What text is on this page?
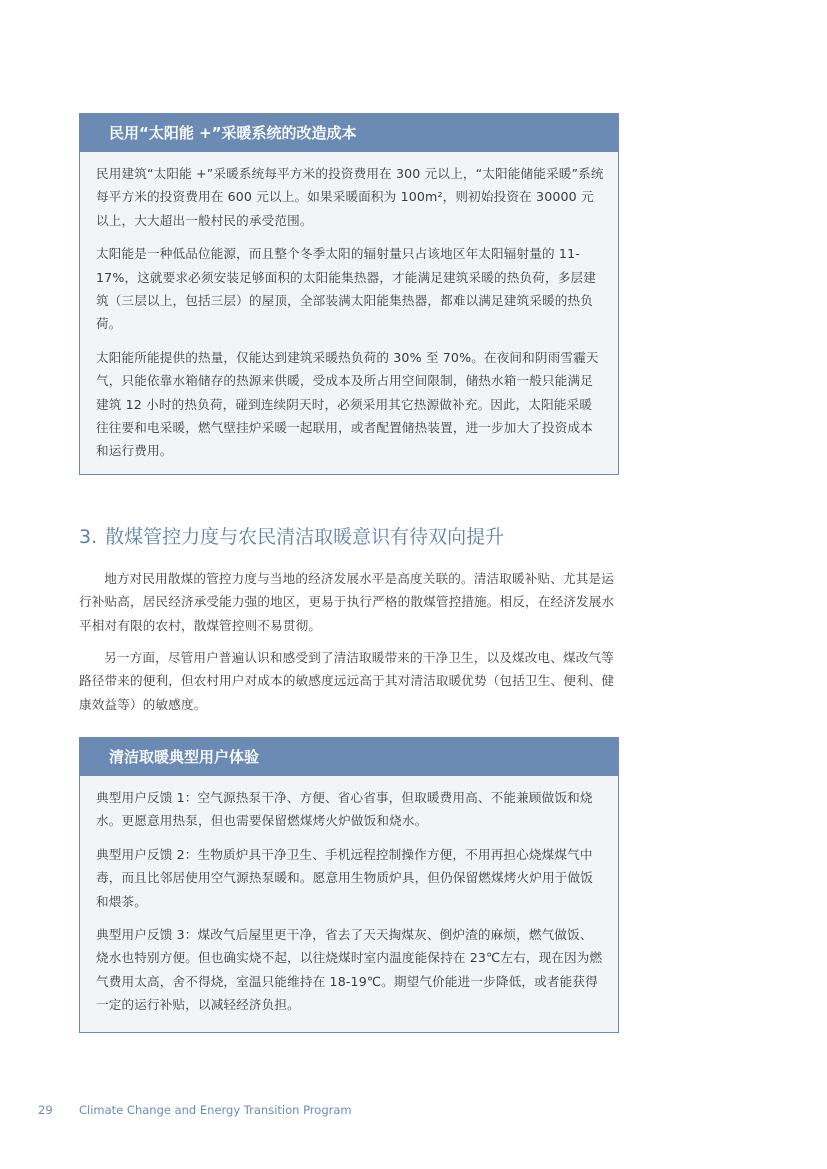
民用“太阳能 +”采暖系统的改造成本

民用建筑“太阳能 +”采暖系统每平方米的投资费用在 300 元以上，“太阳能储能采暖”系统每平方米的投资费用在 600 元以上。如果采暖面积为 100m²，则初始投资在 30000 元以上，大大超出一般村民的承受范围。

太阳能是一种低品位能源，而且整个冬季太阳的辐射量只占该地区年太阳辐射量的 11-17%，这就要求必须安装足够面积的太阳能集热器，才能满足建筑采暖的热负荷，多层建筑（三层以上，包括三层）的屋顶，全部装满太阳能集热器，都难以满足建筑采暖的热负荷。

太阳能所能提供的热量，仅能达到建筑采暖热负荷的 30% 至 70%。在夜间和阴雨雪霾天气，只能依靠水箱储存的热源来供暖，受成本及所占用空间限制，储热水箱一般只能满足建筑 12 小时的热负荷，碰到连续阴天时，必须采用其它热源做补充。因此，太阳能采暖往往要和电采暖，燃气壁挂炉采暖一起联用，或者配置储热装置，进一步加大了投资成本和运行费用。

3. 散煤管控力度与农民清洁取暖意识有待双向提升

地方对民用散煤的管控力度与当地的经济发展水平是高度关联的。清洁取暖补贴、尤其是运行补贴高，居民经济承受能力强的地区，更易于执行严格的散煤管控措施。相反，在经济发展水平相对有限的农村，散煤管控则不易贯彻。

另一方面，尽管用户普遍认识和感受到了清洁取暖带来的干净卫生，以及煤改电、煤改气等路径带来的便利，但农村用户对成本的敏感度远远高于其对清洁取暖优势（包括卫生、便利、健康效益等）的敏感度。

清洁取暖典型用户体验

典型用户反馈 1：空气源热泵干净、方便、省心省事，但取暖费用高、不能兼顾做饭和烧水。更愿意用热泵，但也需要保留燃煤烤火炉做饭和烧水。

典型用户反馈 2：生物质炉具干净卫生、手机远程控制操作方便，不用再担心烧煤煤气中毒，而且比邻居使用空气源热泵暖和。愿意用生物质炉具，但仍保留燃煤烤火炉用于做饭和煨茶。

典型用户反馈 3：煤改气后屋里更干净，省去了天天掏煤灰、倒炉渣的麻烦，燃气做饭、烧水也特别方便。但也确实烧不起，以往烧煤时室内温度能保持在 23℃左右，现在因为燃气费用太高，舍不得烧，室温只能维持在 18-19℃。期望气价能进一步降低，或者能获得一定的运行补贴，以减轻经济负担。

29 Climate Change and Energy Transition Program
